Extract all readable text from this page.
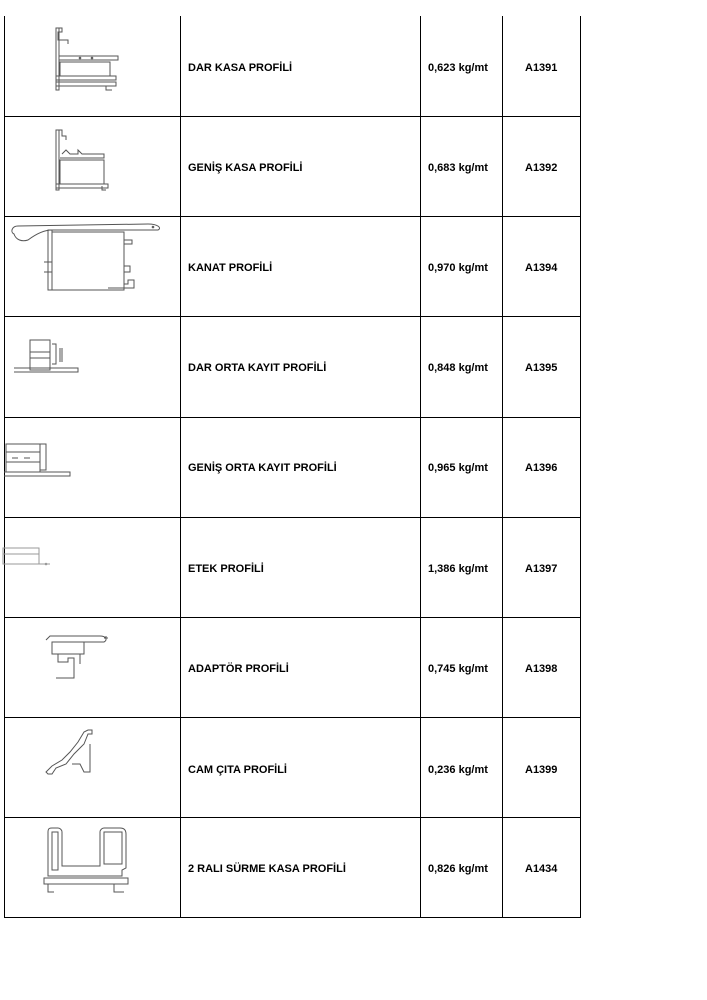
DAR KASA PROFİLİ	0,623 kg/mt	A1391
GENİŞ KASA PROFİLİ	0,683 kg/mt	A1392
KANAT PROFİLİ	0,970 kg/mt	A1394
DAR ORTA KAYIT PROFİLİ	0,848 kg/mt	A1395
GENİŞ ORTA KAYIT PROFİLİ	0,965 kg/mt	A1396
ETEK PROFİLİ	1,386 kg/mt	A1397
ADAPTÖR PROFİLİ	0,745 kg/mt	A1398
CAM ÇITA PROFİLİ	0,236 kg/mt	A1399
2 RALI SÜRME KASA PROFİLİ	0,826 kg/mt	A1434
